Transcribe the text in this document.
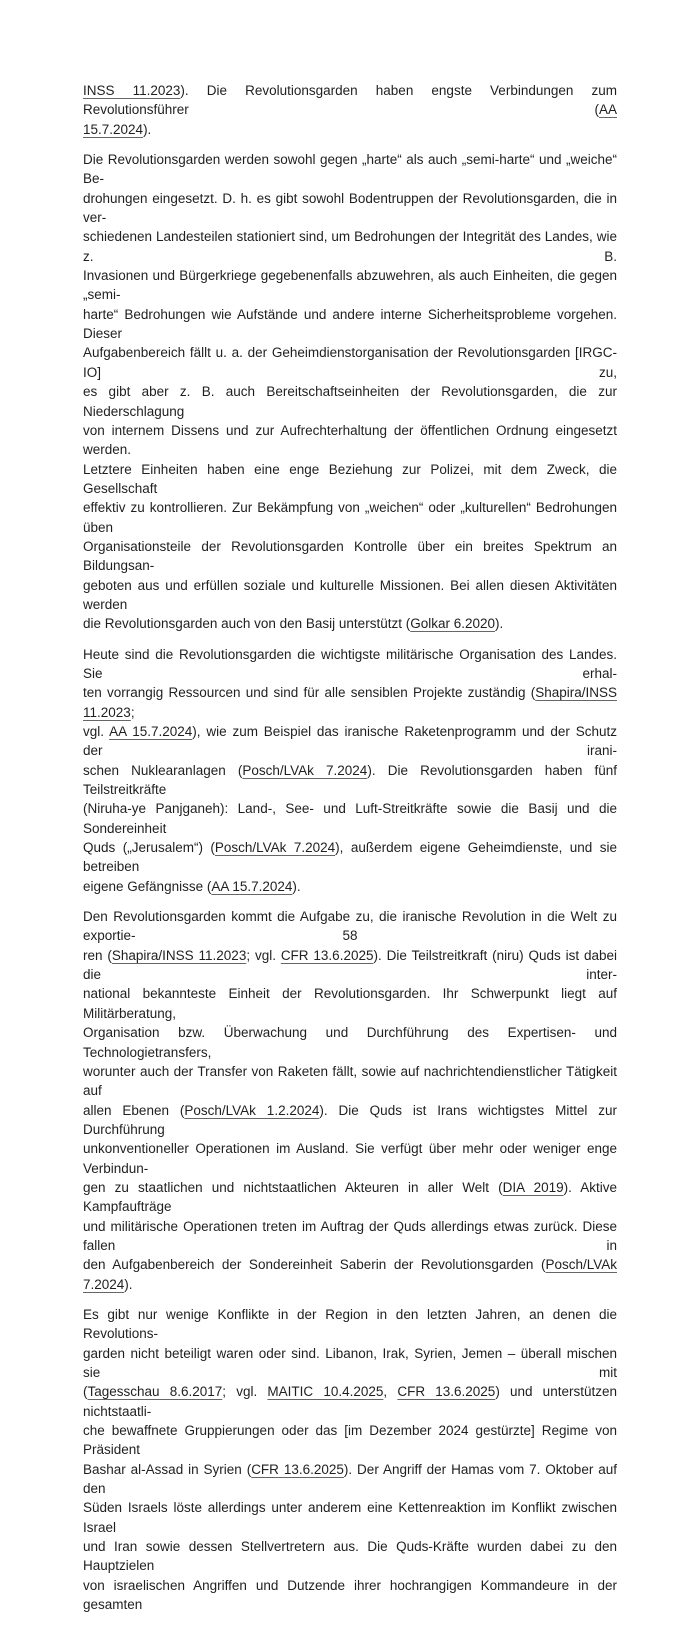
INSS 11.2023). Die Revolutionsgarden haben engste Verbindungen zum Revolutionsführer (AA
15.7.2024).
Die Revolutionsgarden werden sowohl gegen „harte“ als auch „semi-harte“ und „weiche“ Be-
drohungen eingesetzt. D. h. es gibt sowohl Bodentruppen der Revolutionsgarden, die in ver-
schiedenen Landesteilen stationiert sind, um Bedrohungen der Integrität des Landes, wie z. B.
Invasionen und Bürgerkriege gegebenenfalls abzuwehren, als auch Einheiten, die gegen „semi-
harte“ Bedrohungen wie Aufstände und andere interne Sicherheitsprobleme vorgehen. Dieser
Aufgabenbereich fällt u. a. der Geheimdienstorganisation der Revolutionsgarden [IRGC-IO] zu,
es gibt aber z. B. auch Bereitschaftseinheiten der Revolutionsgarden, die zur Niederschlagung
von internem Dissens und zur Aufrechterhaltung der öffentlichen Ordnung eingesetzt werden.
Letztere Einheiten haben eine enge Beziehung zur Polizei, mit dem Zweck, die Gesellschaft
effektiv zu kontrollieren. Zur Bekämpfung von „weichen“ oder „kulturellen“ Bedrohungen üben
Organisationsteile der Revolutionsgarden Kontrolle über ein breites Spektrum an Bildungsan-
geboten aus und erfüllen soziale und kulturelle Missionen. Bei allen diesen Aktivitäten werden
die Revolutionsgarden auch von den Basij unterstützt (Golkar 6.2020).
Heute sind die Revolutionsgarden die wichtigste militärische Organisation des Landes. Sie erhal-
ten vorrangig Ressourcen und sind für alle sensiblen Projekte zuständig (Shapira/INSS 11.2023;
vgl. AA 15.7.2024), wie zum Beispiel das iranische Raketenprogramm und der Schutz der irani-
schen Nuklearanlagen (Posch/LVAk 7.2024). Die Revolutionsgarden haben fünf Teilstreitkräfte
(Niruha-ye Panjganeh): Land-, See- und Luft-Streitkräfte sowie die Basij und die Sondereinheit
Quds („Jerusalem“) (Posch/LVAk 7.2024), außerdem eigene Geheimdienste, und sie betreiben
eigene Gefängnisse (AA 15.7.2024).
Den Revolutionsgarden kommt die Aufgabe zu, die iranische Revolution in die Welt zu exportie-
ren (Shapira/INSS 11.2023; vgl. CFR 13.6.2025). Die Teilstreitkraft (niru) Quds ist dabei die inter-
national bekannteste Einheit der Revolutionsgarden. Ihr Schwerpunkt liegt auf Militärberatung,
Organisation bzw. Überwachung und Durchführung des Expertisen- und Technologietransfers,
worunter auch der Transfer von Raketen fällt, sowie auf nachrichtendienstlicher Tätigkeit auf
allen Ebenen (Posch/LVAk 1.2.2024). Die Quds ist Irans wichtigstes Mittel zur Durchführung
unkonventioneller Operationen im Ausland. Sie verfügt über mehr oder weniger enge Verbindun-
gen zu staatlichen und nichtstaatlichen Akteuren in aller Welt (DIA 2019). Aktive Kampfaufträge
und militärische Operationen treten im Auftrag der Quds allerdings etwas zurück. Diese fallen in
den Aufgabenbereich der Sondereinheit Saberin der Revolutionsgarden (Posch/LVAk 7.2024).
Es gibt nur wenige Konflikte in der Region in den letzten Jahren, an denen die Revolutions-
garden nicht beteiligt waren oder sind. Libanon, Irak, Syrien, Jemen – überall mischen sie mit
(Tagesschau 8.6.2017; vgl. MAITIC 10.4.2025, CFR 13.6.2025) und unterstützen nichtstaatli-
che bewaffnete Gruppierungen oder das [im Dezember 2024 gestürzte] Regime von Präsident
Bashar al-Assad in Syrien (CFR 13.6.2025). Der Angriff der Hamas vom 7. Oktober auf den
Süden Israels löste allerdings unter anderem eine Kettenreaktion im Konflikt zwischen Israel
und Iran sowie dessen Stellvertretern aus. Die Quds-Kräfte wurden dabei zu den Hauptzielen
von israelischen Angriffen und Dutzende ihrer hochrangigen Kommandeure in der gesamten
58
